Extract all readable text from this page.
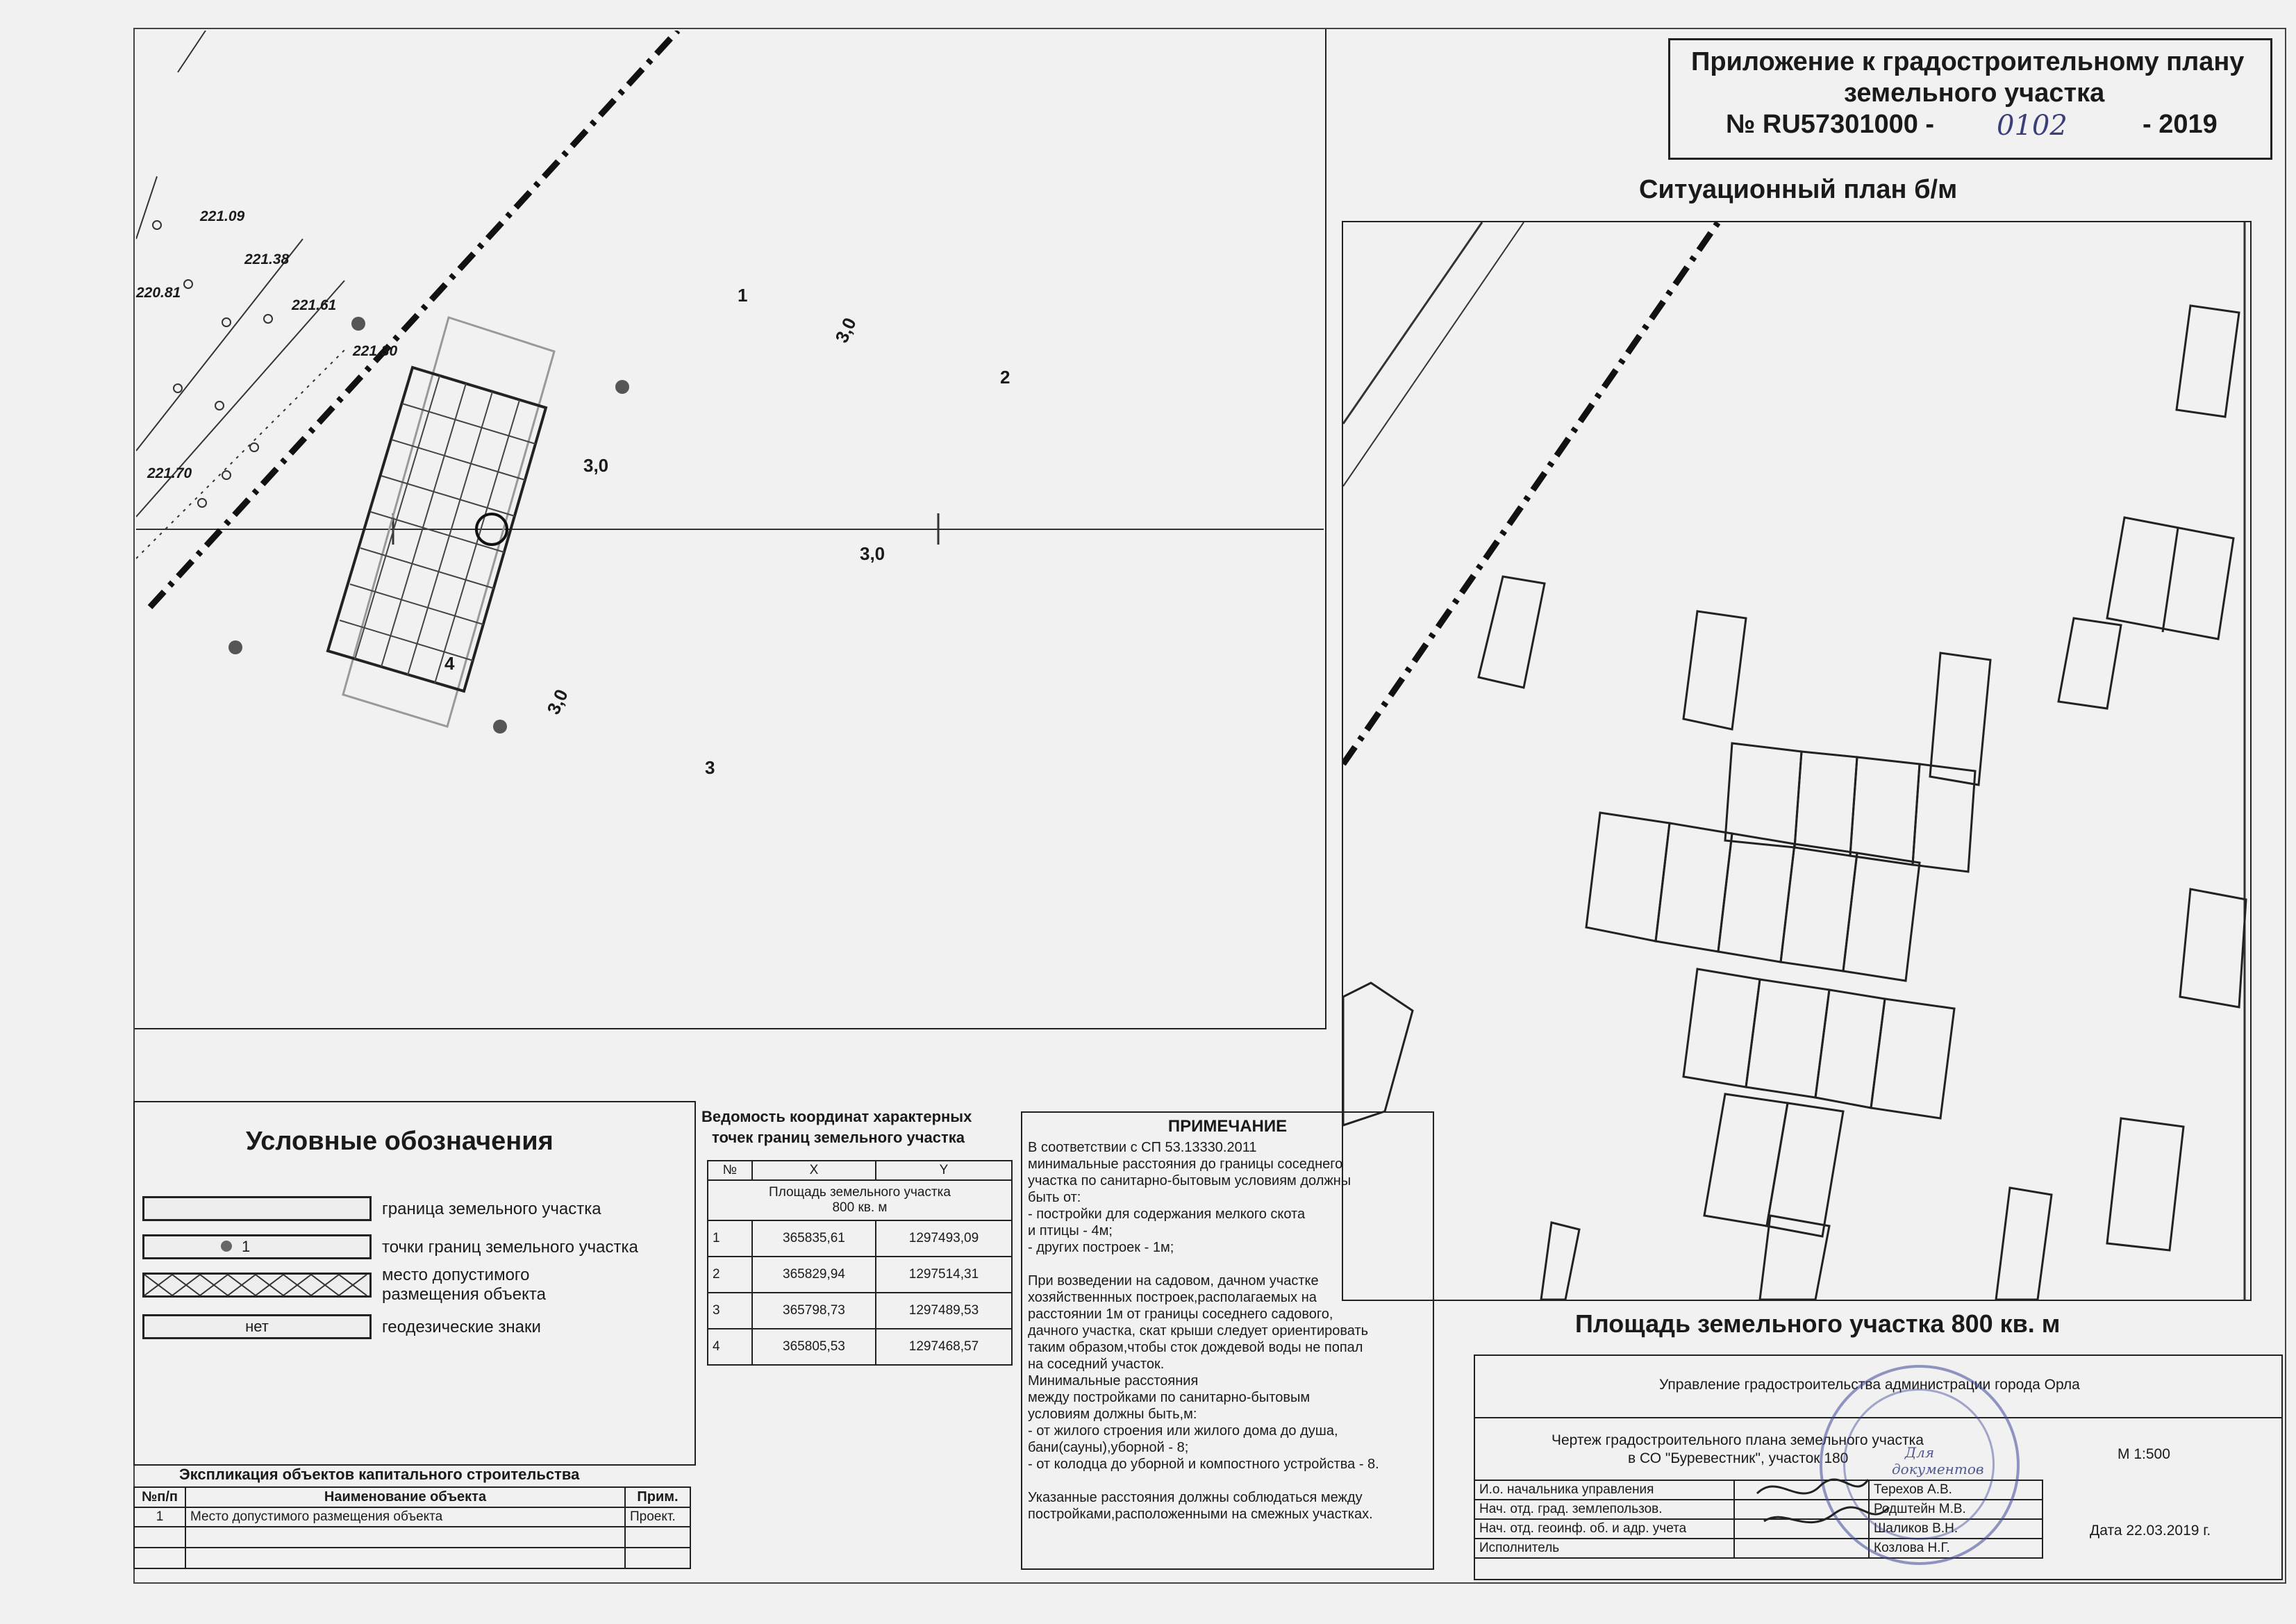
Приложение к градостроительному плану
земельного участка
№ RU57301000 - 0102	- 2019
Ситуационный план б/м
221.09
221.38
220.81
221.61
221.30
221.70
3,0
3,0
3,0
3,0
1
2
3
4
Условные обозначения
граница земельного участка
1	точки границ земельного участка
место допустимого
размещения объекта
нет	геодезические знаки
Ведомость координат характерных
точек границ земельного участка
№	X	Y

Площадь земельного участка
800 кв. м		

1	365835,61	1297493,09
2	365829,94	1297514,31
3	365798,73	1297489,53
4	365805,53	1297468,57
ПРИМЕЧАНИЕ

В соответствии с СП 53.13330.2011

минимальные расстояния до границы соседнего

участка по санитарно-бытовым условиям должны

быть от:

- постройки для содержания мелкого скота

и птицы - 4м;

- других построек - 1м;

При возведении на садовом, дачном участке

хозяйственнных построек,располагаемых на

расстоянии 1м от границы соседнего садового,

дачного участка, скат крыши следует ориентировать

таким образом,чтобы сток дождевой воды не попал

на соседний участок.

Минимальные расстояния

между постройками по санитарно-бытовым

условиям должны быть,м:

- от жилого строения или жилого дома до душа,

бани(сауны),уборной - 8;

- от колодца до уборной и компостного устройства - 8.

Указанные расстояния должны соблюдаться между

постройками,расположенными на смежных участках.

Экспликация объектов капитального строительства
№п/п	Наименование объекта	Прим.
1	Место допустимого размещения объекта	Проект.

Площадь земельного участка 800 кв. м
Управление градостроительства администрации города Орла
Чертеж градостроительного плана земельного участка
в СО "Буревестник", участок 180	М 1:500
Дата 22.03.2019 г.
И.о. начальника управления		Терехов А.В.
Нач. отд. град. землепользов.		Родштейн М.В.
Нач. отд. геоинф. об. и адр. учета		Шаликов В.Н.
Исполнитель		Козлова Н.Г.
Для документов
